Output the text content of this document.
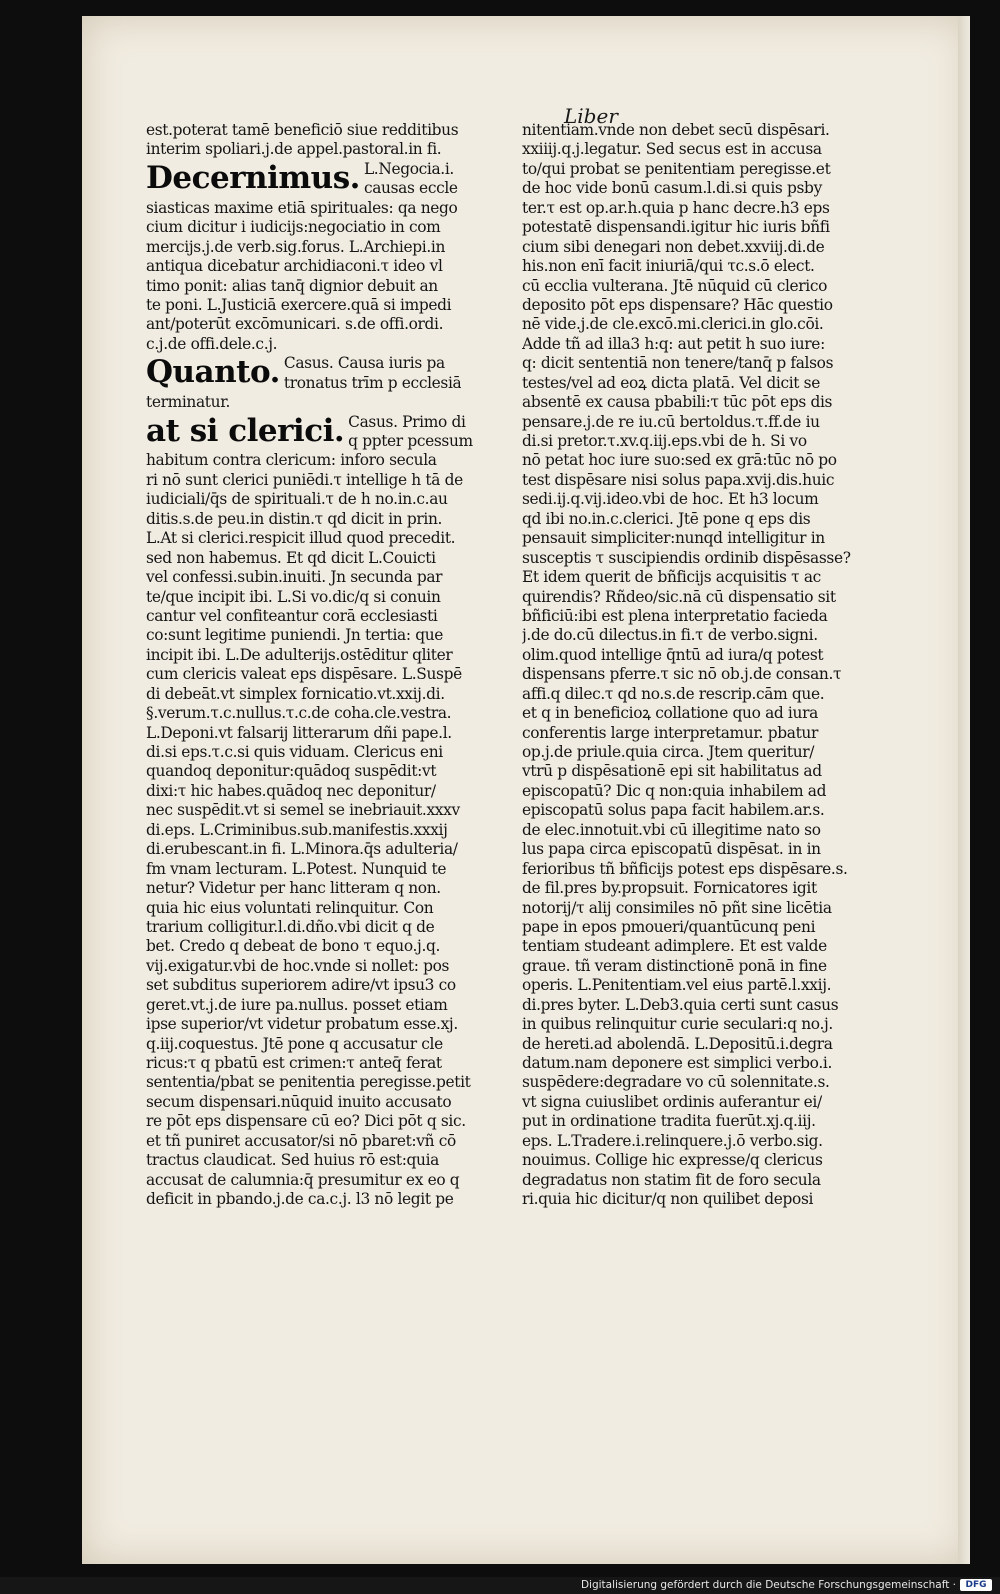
Liber
est.poterat tamē beneficiō siue redditibus
interim spoliari.j.de appel.pastoral.in fi.
Decernimus. L.Negocia.i.
causas eccle
siasticas maxime etiā spirituales: qa nego
cium dicitur i iudicijs:negociatio in com
mercijs.j.de verb.sig.forus. L.Archiepi.in
antiqua dicebatur archidiaconi.τ ideo vl
timo ponit: alias tanq̄ dignior debuit an
te poni. L.Justiciā exercere.quā si impedi
ant/poterūt excōmunicari. s.de offi.ordi.
c.j.de offi.dele.c.j.
Quanto. Casus. Causa iuris pa
tronatus trīm p ecclesiā
terminatur.
at si clerici. Casus. Primo di
q ppter pcessum
habitum contra clericum: inforo secula
ri nō sunt clerici puniēdi.τ intellige h̄ tā de
iudiciali/q̄s de spirituali.τ de h̄ no.in.c.au
ditis.s.de peu.in distin.τ qd dicit in prin.
L.At si clerici.respicit illud quod precedit.
sed non habemus. Et qd dicit L.Couicti
vel confessi.subin.inuiti. Jn secunda par
te/que incipit ibi. L.Si vo.dic/q si conuin
cantur vel confiteantur corā ecclesiasti
co:sunt legitime puniendi. Jn tertia: que
incipit ibi. L.De adulterijs.ostēditur qliter
cum clericis valeat eps dispēsare. L.Suspē
di debeāt.vt simplex fornicatio.vt.xxij.di.
§.verum.τ.c.nullus.τ.c.de coha.cle.vestra.
L.Deponi.vt falsarij litterarum dñi pape.l.
di.si eps.τ.c.si quis viduam. Clericus eni
quandoq deponitur:quādoq suspēdit:vt
dixi:τ hic habes.quādoq nec deponitur/
nec suspēdit.vt si semel se inebriauit.xxxv
di.eps. L.Criminibus.sub.manifestis.xxxij
di.erubescant.in fi. L.Minora.q̄s adulteria/
fm vnam lecturam. L.Potest. Nunquid te
netur? Videtur per hanc litteram q non.
quia hic eius voluntati relinquitur. Con
trarium colligitur.l.di.dño.vbi dicit q de
bet. Credo q debeat de bono τ equo.j.q.
vij.exigatur.vbi de hoc.vnde si nollet: pos
set subditus superiorem adire/vt ipsu3 co
geret.vt.j.de iure pa.nullus. posset etiam
ipse superior/vt videtur probatum esse.xj.
q.iij.coquestus. Jtē pone q accusatur cle
ricus:τ q pbatū est crimen:τ anteq̄ ferat
sententia/pbat se penitentia peregisse.petit
secum dispensari.nūquid inuito accusato
re pōt eps dispensare cū eo? Dici pōt q sic.
et tñ puniret accusator/si nō pbaret:vñ cō
tractus claudicat. Sed huius rō est:quia
accusat de calumnia:q̄ presumitur ex eo q
deficit in pbando.j.de ca.c.j. l3 nō legit pe
nitentiam.vnde non debet secū dispēsari.
xxiiij.q.j.legatur. Sed secus est in accusa
to/qui probat se penitentiam peregisse.et
de hoc vide bonū casum.l.di.si quis psby
ter.τ est op.ar.h.quia p hanc decre.h3 eps
potestatē dispensandi.igitur hic iuris bñfi
cium sibi denegari non debet.xxviij.di.de
his.non enī facit iniuriā/qui τc.s.ō elect.
cū ecclia vulterana. Jtē nūquid cū clerico
deposito pōt eps dispensare? Hāc questio
nē vide.j.de cle.excō.mi.clerici.in glo.cōi.
Adde tñ ad illa3 h:q: aut petit h̄ suo iure:
q: dicit sententiā non tenere/tanq̄ p falsos
testes/vel ad eoꝝ dicta platā. Vel dicit se
absentē ex causa pbabili:τ tūc pōt eps dis
pensare.j.de re iu.cū bertoldus.τ.ff.de iu
di.si pretor.τ.xv.q.iij.eps.vbi de h. Si vo
nō petat hoc iure suo:sed ex grā:tūc nō po
test dispēsare nisi solus papa.xvij.dis.huic
sedi.ij.q.vij.ideo.vbi de hoc. Et h3 locum
qd ibi no.in.c.clerici. Jtē pone q eps dis
pensauit simpliciter:nunqd intelligitur in
susceptis τ suscipiendis ordinib dispēsasse?
Et idem querit de bñficijs acquisitis τ ac
quirendis? Rñdeo/sic.nā cū dispensatio sit
bñficiū:ibi est plena interpretatio facieda
j.de do.cū dilectus.in fi.τ de verbo.signi.
olim.quod intellige q̄ntū ad iura/q potest
dispensans pferre.τ sic nō ob.j.de consan.τ
affi.q dilec.τ qd no.s.de rescrip.cām que.
et q in beneficioꝝ collatione quo ad iura
conferentis large interpretamur. pbatur
op.j.de priule.quia circa. Jtem queritur/
vtrū p dispēsationē epi sit habilitatus ad
episcopatū? Dic q non:quia inhabilem ad
episcopatū solus papa facit habilem.ar.s.
de elec.innotuit.vbi cū illegitime nato so
lus papa circa episcopatū dispēsat. in in
ferioribus tñ bñficijs potest eps dispēsare.s.
de fil.pres by.propsuit. Fornicatores igit
notorij/τ alij consimiles nō pñt sine licētia
pape in epos pmoueri/quantūcunq peni
tentiam studeant adimplere. Et est valde
graue. tñ veram distinctionē ponā in fine
operis. L.Penitentiam.vel eius partē.l.xxij.
di.pres byter. L.Deb3.quia certi sunt casus
in quibus relinquitur curie seculari:q no.j.
de hereti.ad abolendā. L.Depositū.i.degra
datum.nam deponere est simplici verbo.i.
suspēdere:degradare vo cū solennitate.s.
vt signa cuiuslibet ordinis auferantur ei/
put in ordinatione tradita fuerūt.xj.q.iij.
eps. L.Tradere.i.relinquere.j.ō verbo.sig.
nouimus. Collige hic expresse/q clericus
degradatus non statim fit de foro secula
ri.quia hic dicitur/q non quilibet deposi
Digitalisierung gefördert durch die Deutsche Forschungsgemeinschaft ·	DFG
